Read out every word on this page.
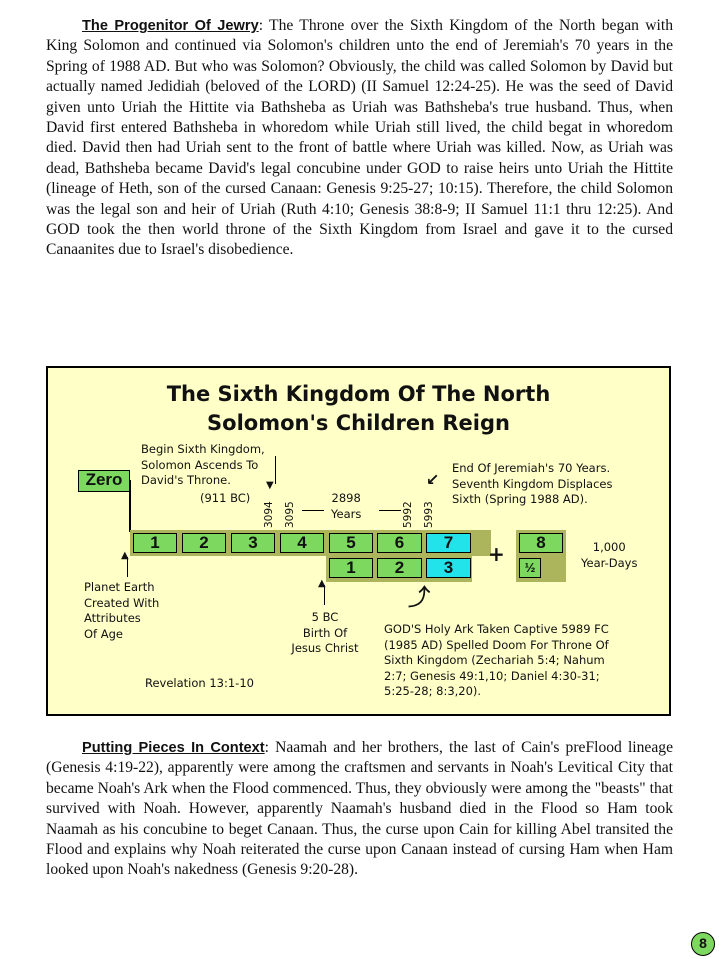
The Progenitor Of Jewry: The Throne over the Sixth Kingdom of the North began with King Solomon and continued via Solomon's children unto the end of Jeremiah's 70 years in the Spring of 1988 AD. But who was Solomon? Obviously, the child was called Solomon by David but actually named Jedidiah (beloved of the LORD) (II Samuel 12:24-25). He was the seed of David given unto Uriah the Hittite via Bathsheba as Uriah was Bathsheba's true husband. Thus, when David first entered Bathsheba in whoredom while Uriah still lived, the child begat in whoredom died. David then had Uriah sent to the front of battle where Uriah was killed. Now, as Uriah was dead, Bathsheba became David's legal concubine under GOD to raise heirs unto Uriah the Hittite (lineage of Heth, son of the cursed Canaan: Genesis 9:25-27; 10:15). Therefore, the child Solomon was the legal son and heir of Uriah (Ruth 4:10; Genesis 38:8-9; II Samuel 11:1 thru 12:25). And GOD took the then world throne of the Sixth Kingdom from Israel and gave it to the cursed Canaanites due to Israel's disobedience.

The Sixth Kingdom Of The North
Solomon's Children Reign
Zero
Begin Sixth Kingdom,
Solomon Ascends To
David's Throne.
(911 BC)
▼
3094 3095
2898
Years	5992 5993
End Of Jeremiah's 70 Years.
Seventh Kingdom Displaces
Sixth (Spring 1988 AD).
↙
1	2	3	4	5	6	7
1	2	3
+	8
½
1,000
Year-Days
▲
Planet Earth
Created With
Attributes
Of Age
▲
5 BC
Birth Of
Jesus Christ
⤴
GOD'S Holy Ark Taken Captive 5989 FC
(1985 AD) Spelled Doom For Throne Of
Sixth Kingdom (Zechariah 5:4; Nahum
2:7; Genesis 49:1,10; Daniel 4:30-31;
5:25-28; 8:3,20).
Revelation 13:1-10

Putting Pieces In Context: Naamah and her brothers, the last of Cain's preFlood lineage (Genesis 4:19-22), apparently were among the craftsmen and servants in Noah's Levitical City that became Noah's Ark when the Flood commenced. Thus, they obviously were among the "beasts" that survived with Noah. However, apparently Naamah's husband died in the Flood so Ham took Naamah as his concubine to beget Canaan. Thus, the curse upon Cain for killing Abel transited the Flood and explains why Noah reiterated the curse upon Canaan instead of cursing Ham when Ham looked upon Noah's nakedness (Genesis 9:20-28).

8
